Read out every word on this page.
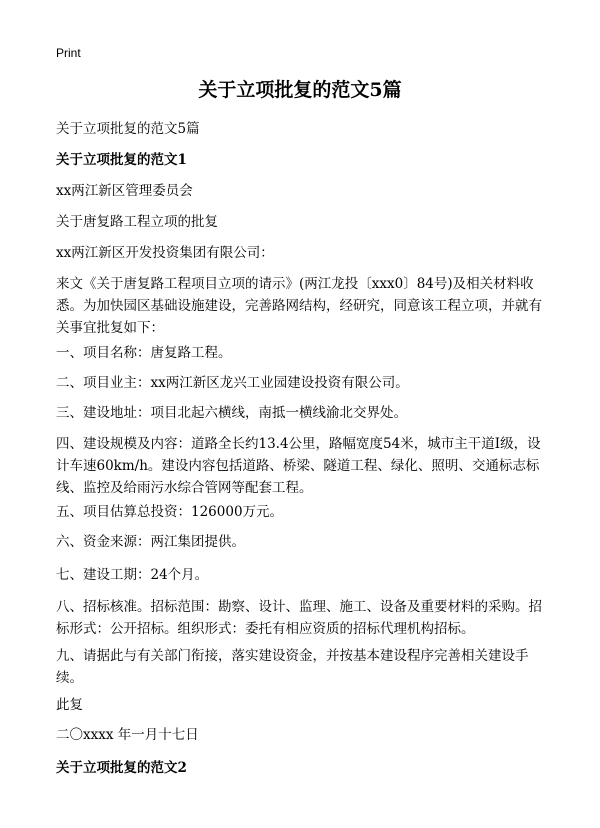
Print
关于立项批复的范文5篇
关于立项批复的范文5篇
关于立项批复的范文1
xx两江新区管理委员会
关于唐复路工程立项的批复
xx两江新区开发投资集团有限公司：
来文《关于唐复路工程项目立项的请示》(两江龙投〔xxx0〕84号)及相关材料收悉。为加快园区基础设施建设，完善路网结构，经研究，同意该工程立项，并就有关事宜批复如下：
一、项目名称：唐复路工程。
二、项目业主：xx两江新区龙兴工业园建设投资有限公司。
三、建设地址：项目北起六横线，南抵一横线渝北交界处。
四、建设规模及内容：道路全长约13.4公里，路幅宽度54米，城市主干道I级，设计车速60km/h。建设内容包括道路、桥梁、隧道工程、绿化、照明、交通标志标线、监控及给雨污水综合管网等配套工程。
五、项目估算总投资：126000万元。
六、资金来源：两江集团提供。
七、建设工期：24个月。
八、招标核准。招标范围：勘察、设计、监理、施工、设备及重要材料的采购。招标形式：公开招标。组织形式：委托有相应资质的招标代理机构招标。
九、请据此与有关部门衔接，落实建设资金，并按基本建设程序完善相关建设手续。
此复
二〇xxxx 年一月十七日
关于立项批复的范文2
